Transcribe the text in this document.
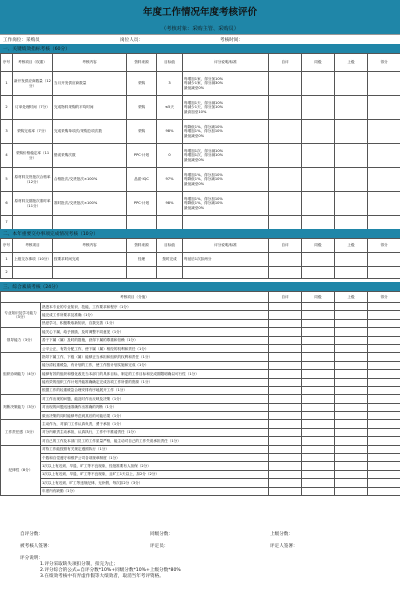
年度工作情况年度考核评价
（考核对象：采购主管、采购员）
工作岗位：采购员	岗位人员：	考核时间：
一、关键绩效指标考核（60分）
序号	考核项目（权重）	考核内容	资料来源	目标值	评分说明/标准	自评	同级	上级	得分
1	新开发供应商数量（12分）	当月开发供应商数量	采购	3	每增加1家，得分加10%
每减少1家，得分减30%
最低减至0%				
2	订单处理时间（7分）	完成物料采购的平均时间	采购	≤5天	每增加1天，得分减10%
每减少1天，得分加10%
最高加至10%				
3	采购完成率（7分）	完成采购单项次/采购总项次数	采购	98%	每降低1%，得分减10%
每增加1%，得分加10%
最低减至0%				
4	采购价格稳定率（11分）	错误采购次数	PPC·计划	0	每增加1次，得分减10%
每增加1次，得分减10%
最低减至0%				
5	原材料交货批次合格率（12分）	合格批次/交货批次×100%	品质·IQC	97%	每增加1%，得分加10%
每降低1%，得分减10%
最低减至0%				
6	原材料交期批次准时率（11分）	准时批次/交货批次×100%	PPC·计划	98%	每增加1%，得分加10%
每降低1%，得分减10%
最低减至0%				
7									
二、本年重要交办事项完成情况考核（10分）
序号	考核项目	考核内容	资料来源	目标值	评分说明/标准	自评	同级	上级	得分
1	上级交办事项（10分）	按要求时间完成	经理	按时完成	每延后1次扣两分				
2									
三、综合素质考核（24分）
考核项目（分值）		自评	同级	上级	得分
专业知识及学习能力（3分）	熟悉本专业的专业知识、技能，工作要求和程序（1分）				
	能完成工作所要求及准确（1分）				
	热爱学习，积极吸取新知识，自我完善（1分）				
领导能力（3分）	能关心下属，给予鼓励，及时调整不同意见（1分）				
	善于下属（属）及时的措施，获得下属的尊重和信赖（1分）				
	公平公正，有效分配工作，使下属（属）相经的权利和责任（1分）				
组织协调能力（4分）	指导下属工作，下级（属）能够正当承担和组织的权利和责任（1分）				
	能分清轻重缓急，有计划的工作，使工作按计划实施和完成（1分）				
	能够有效的组织和强化改先当本部门的具体目标，制定的工作目标和完成期限明确以可行性（1分）				
	能有效的组织工作计划并能准确确定完成各项工作所需的资源（1分）				
	根据工作的轻重缓急合理安排有序地展开工作（1分）				
判断决策能力（3分）	对工作出现的问题，能及时作出反映及决策（1分）				
	对出现的问题迅速准确作出准确的判断（1分）				
	做出决策的同时能够考虑到其后的可能后果（1分）				
工作责任感（3分）	主动作为，对部门工作认真负责，勇于承担（1分）				
	对分内职责主动承担，认真执行，工作中不推诿责任（1分）				
	对自己的工作及本部门员工的工作质量严格，能主动对自己的工作失误承担责任（1分）				
纪律性（8分）	对待工作能按照有关规定遵照执行（1分）				
	个数和自觉遵守和维护公司各项规章制度（1分）				
	1次以上有迟到、早退、旷工等不良现象，经批准要有人担保（2分）				
	1次以上有迟到、早退、旷工等不良现象，且旷工1天以上，扣2分（2分）				
	1次以上有迟到、旷工等违规纪律，无补假，每次扣2分（3分）				
	年度内有缺勤（1分）				
自评分数：	同级分数：	上级分数：
被考核人签署：	评定员：	评定人签署：
评分说明：
1.评分采取缺失项扣分制，扣完为止；
2.评分综合的公式=自评分数*10%+同级分数*10%+上级分数*80%
3.在绩效考核中有弄虚作假等大绩效者，取消当年考评资格。
